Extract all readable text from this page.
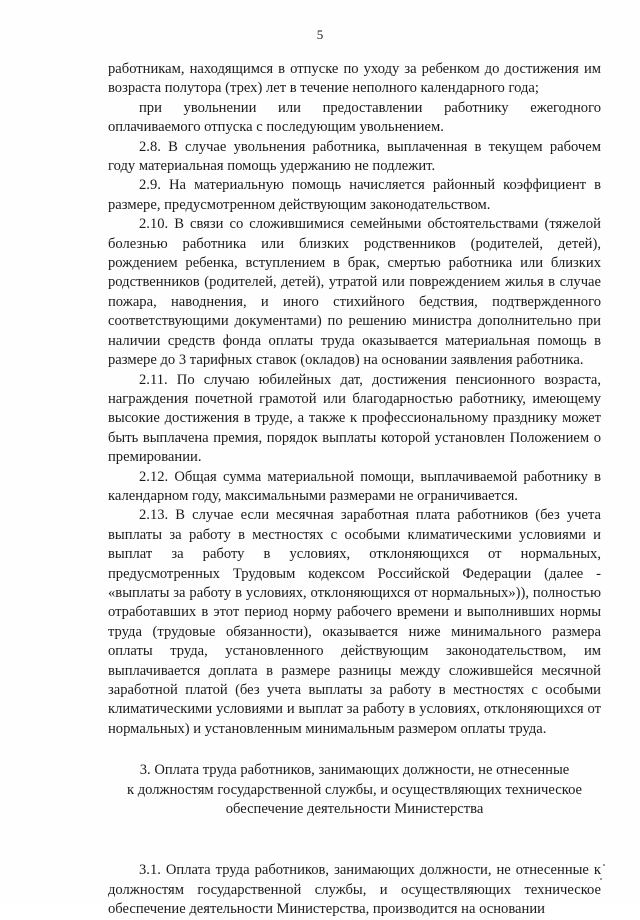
5

работникам, находящимся в отпуске по уходу за ребенком до достижения им возраста полутора (трех) лет в течение неполного календарного года;

при увольнении или предоставлении работнику ежегодного оплачиваемого отпуска с последующим увольнением.

2.8. В случае увольнения работника, выплаченная в текущем рабочем году материальная помощь удержанию не подлежит.

2.9. На материальную помощь начисляется районный коэффициент в размере, предусмотренном действующим законодательством.

2.10. В связи со сложившимися семейными обстоятельствами (тяжелой болезнью работника или близких родственников (родителей, детей), рождением ребенка, вступлением в брак, смертью работника или близких родственников (родителей, детей), утратой или повреждением жилья в случае пожара, наводнения, и иного стихийного бедствия, подтвержденного соответствующими документами) по решению министра дополнительно при наличии средств фонда оплаты труда оказывается материальная помощь в размере до 3 тарифных ставок (окладов) на основании заявления работника.

2.11. По случаю юбилейных дат, достижения пенсионного возраста, награждения почетной грамотой или благодарностью работнику, имеющему высокие достижения в труде, а также к профессиональному празднику может быть выплачена премия, порядок выплаты которой установлен Положением о премировании.

2.12. Общая сумма материальной помощи, выплачиваемой работнику в календарном году, максимальными размерами не ограничивается.

2.13. В случае если месячная заработная плата работников (без учета выплаты за работу в местностях с особыми климатическими условиями и выплат за работу в условиях, отклоняющихся от нормальных, предусмотренных Трудовым кодексом Российской Федерации (далее - «выплаты за работу в условиях, отклоняющихся от нормальных»)), полностью отработавших в этот период норму рабочего времени и выполнивших нормы труда (трудовые обязанности), оказывается ниже минимального размера оплаты труда, установленного действующим законодательством, им выплачивается доплата в размере разницы между сложившейся месячной заработной платой (без учета выплаты за работу в местностях с особыми климатическими условиями и выплат за работу в условиях, отклоняющихся от нормальных) и установленным минимальным размером оплаты труда.

3. Оплата труда работников, занимающих должности, не отнесенные
к должностям государственной службы, и осуществляющих техническое
обеспечение деятельности Министерства

3.1. Оплата труда работников, занимающих должности, не отнесенные к должностям государственной службы, и осуществляющих техническое обеспечение деятельности Министерства, производится на основании
